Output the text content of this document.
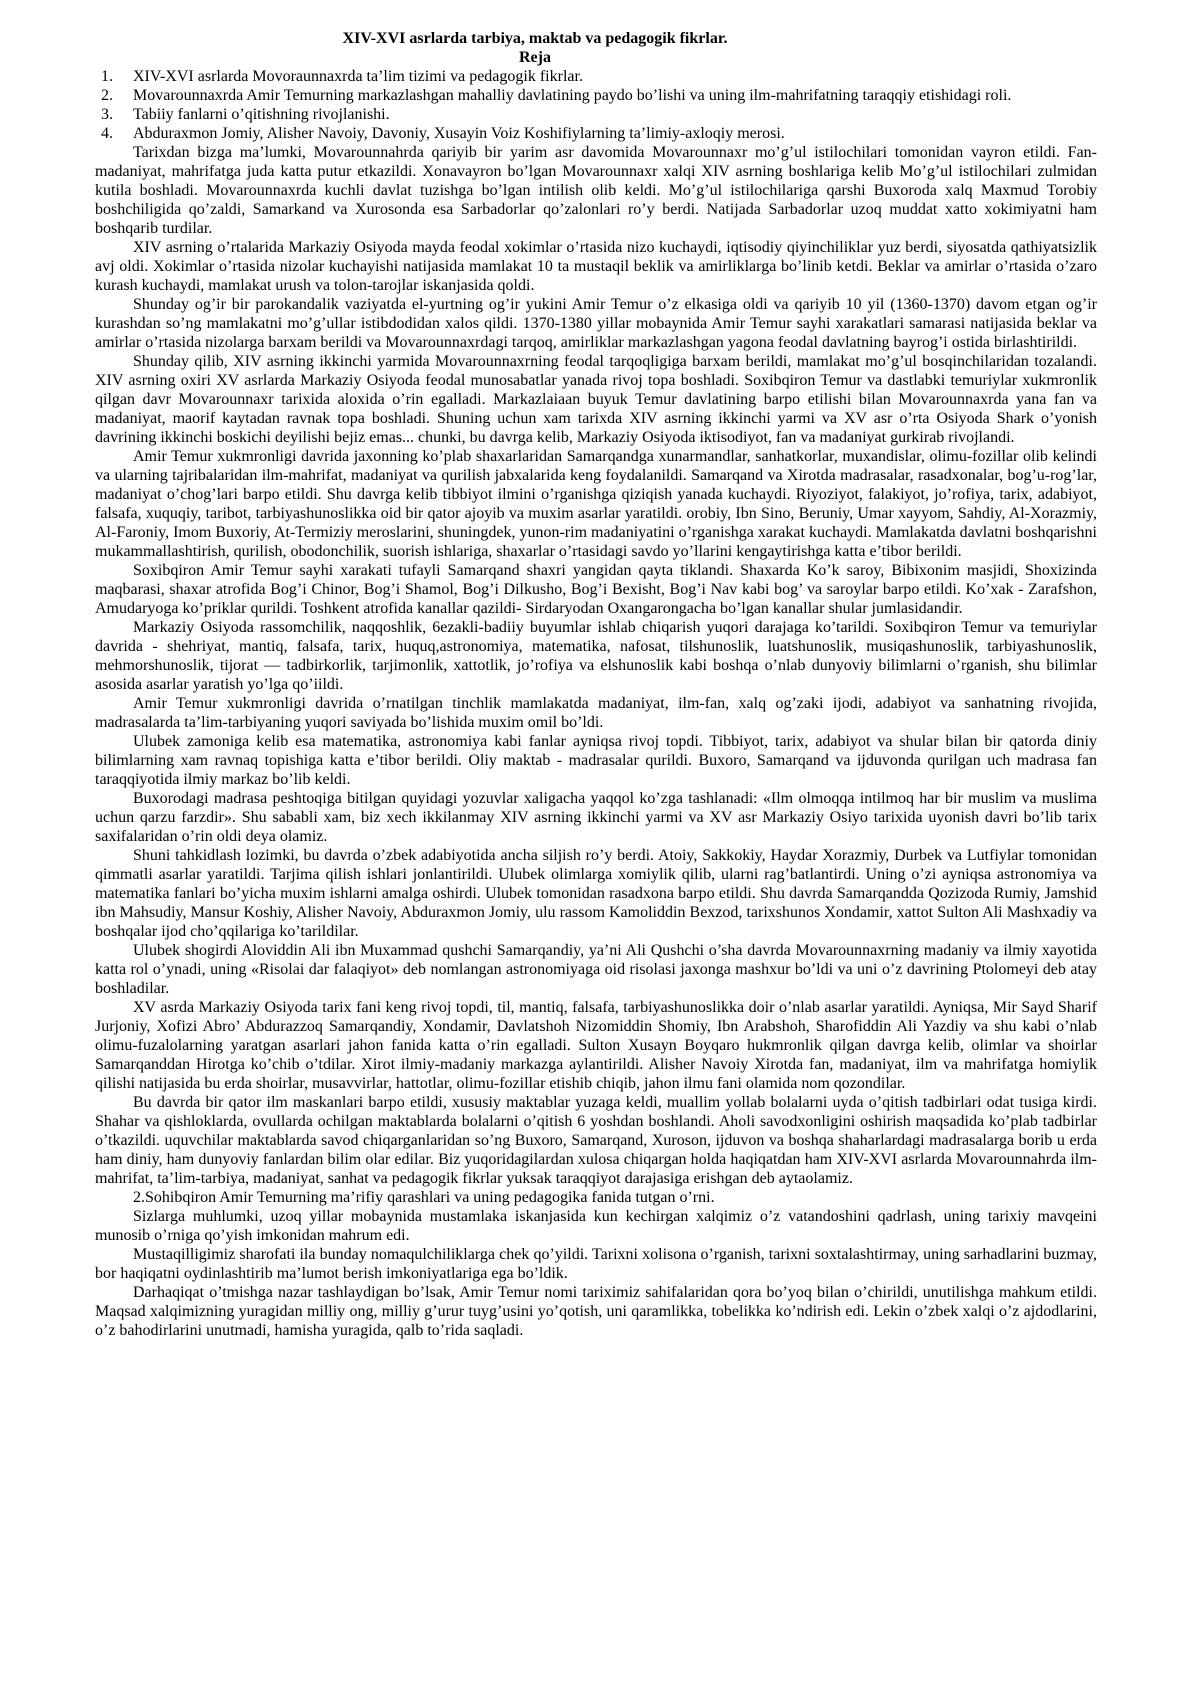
XIV-XVI asrlarda tarbiya, maktab va pedagogik fikrlar.
Reja
1.	XIV-XVI asrlarda Movoraunnaxrda ta’lim tizimi va pedagogik fikrlar.
2.	Movarounnaxrda Amir Temurning markazlashgan mahalliy davlatining paydo bo’lishi va uning ilm-mahrifatning taraqqiy etishidagi roli.
3.	Tabiiy fanlarni o’qitishning rivojlanishi.
4.	Abduraxmon Jomiy, Alisher Navoiy, Davoniy, Xusayin Voiz Koshifiylarning ta’limiy-axloqiy merosi.

Tarixdan bizga ma’lumki, Movarounnahrda qariyib bir yarim asr davomida Movarounnaxr mo’g’ul istilochilari tomonidan vayron etildi. Fan- madaniyat, mahrifatga juda katta putur etkazildi. Xonavayron bo’lgan Movarounnaxr xalqi XIV asrning boshlariga kelib Mo’g’ul istilochilari zulmidan kutila boshladi. Movarounnaxrda kuchli davlat tuzishga bo’lgan intilish olib keldi. Mo’g’ul istilochilariga qarshi Buxoroda xalq Maxmud Torobiy boshchiligida qo’zaldi, Samarkand va Xurosonda esa Sarbadorlar qo’zalonlari ro’y berdi. Natijada Sarbadorlar uzoq muddat xatto xokimiyatni ham boshqarib turdilar.

XIV asrning o’rtalarida Markaziy Osiyoda mayda feodal xokimlar o’rtasida nizo kuchaydi, iqtisodiy qiyinchiliklar yuz berdi, siyosatda qathiyatsizlik avj oldi. Xokimlar o’rtasida nizolar kuchayishi natijasida mamlakat 10 ta mustaqil beklik va amirliklarga bo’linib ketdi. Beklar va amirlar o’rtasida o’zaro kurash kuchaydi, mamlakat urush va tolon-tarojlar iskanjasida qoldi.

Shunday og’ir bir parokandalik vaziyatda el-yurtning og’ir yukini Amir Temur o’z elkasiga oldi va qariyib 10 yil (1360-1370) davom etgan og’ir kurashdan so’ng mamlakatni mo’g’ullar istibdodidan xalos qildi. 1370-1380 yillar mobaynida Amir Temur sayhi xarakatlari samarasi natijasida beklar va amirlar o’rtasida nizolarga barxam berildi va Movarounnaxrdagi tarqoq, amirliklar markazlashgan yagona feodal davlatning bayrog’i ostida birlashtirildi.

Shunday qilib, XIV asrning ikkinchi yarmida Movarounnaxrning feodal tarqoqligiga barxam berildi, mamlakat mo’g’ul bosqinchilaridan tozalandi. XIV asrning oxiri XV asrlarda Markaziy Osiyoda feodal munosabatlar yanada rivoj topa boshladi. Soxibqiron Temur va dastlabki temuriylar xukmronlik qilgan davr Movarounnaxr tarixida aloxida o’rin egalladi. Markazlaiaan buyuk Temur davlatining barpo etilishi bilan Movarounnaxrda yana fan va madaniyat, maorif kaytadan ravnak topa boshladi. Shuning uchun xam tarixda XIV asrning ikkinchi yarmi va XV asr o’rta Osiyoda Shark o’yonish davrining ikkinchi boskichi deyilishi bejiz emas... chunki, bu davrga kelib, Markaziy Osiyoda iktisodiyot, fan va madaniyat gurkirab rivojlandi.

Amir Temur xukmronligi davrida jaxonning ko’plab shaxarlaridan Samarqandga xunarmandlar, sanhatkorlar, muxandislar, olimu-fozillar olib kelindi va ularning tajribalaridan ilm-mahrifat, madaniyat va qurilish jabxalarida keng foydalanildi. Samarqand va Xirotda madrasalar, rasadxonalar, bog’u-rog’lar, madaniyat o’chog’lari barpo etildi. Shu davrga kelib tibbiyot ilmini o’rganishga qiziqish yanada kuchaydi. Riyoziyot, falakiyot, jo’rofiya, tarix, adabiyot, falsafa, xuquqiy, taribot, tarbiyashunoslikka oid bir qator ajoyib va muxim asarlar yaratildi. orobiy, Ibn Sino, Beruniy, Umar xayyom, Sahdiy, Al-Xorazmiy, Al-Faroniy, Imom Buxoriy, At-Termiziy meroslarini, shuningdek, yunon-rim madaniyatini o’rganishga xarakat kuchaydi. Mamlakatda davlatni boshqarishni mukammallashtirish, qurilish, obodonchilik, suorish ishlariga, shaxarlar o’rtasidagi savdo yo’llarini kengaytirishga katta e’tibor berildi.

Soxibqiron Amir Temur sayhi xarakati tufayli Samarqand shaxri yangidan qayta tiklandi. Shaxarda Ko’k saroy, Bibixonim masjidi, Shoxizinda maqbarasi, shaxar atrofida Bog’i Chinor, Bog’i Shamol, Bog’i Dilkusho, Bog’i Bexisht, Bog’i Nav kabi bog’ va saroylar barpo etildi. Ko’xak - Zarafshon, Amudaryoga ko’priklar qurildi. Toshkent atrofida kanallar qazildi- Sirdaryodan Oxangarongacha bo’lgan kanallar shular jumlasidandir.

Markaziy Osiyoda rassomchilik, naqqoshlik, 6ezakli-badiiy buyumlar ishlab chiqarish yuqori darajaga ko’tarildi. Soxibqiron Temur va temuriylar davrida - shehriyat, mantiq, falsafa, tarix, huquq,astronomiya, matematika, nafosat, tilshunoslik, luatshunoslik, musiqashunoslik, tarbiyashunoslik, mehmorshunoslik, tijorat — tadbirkorlik, tarjimonlik, xattotlik, jo’rofiya va elshunoslik kabi boshqa o’nlab dunyoviy bilimlarni o’rganish, shu bilimlar asosida asarlar yaratish yo’lga qo’iildi.

Amir Temur xukmronligi davrida o’rnatilgan tinchlik mamlakatda madaniyat, ilm-fan, xalq og’zaki ijodi, adabiyot va sanhatning rivojida, madrasalarda ta’lim-tarbiyaning yuqori saviyada bo’lishida muxim omil bo’ldi.

Ulubek zamoniga kelib esa matematika, astronomiya kabi fanlar ayniqsa rivoj topdi. Tibbiyot, tarix, adabiyot va shular bilan bir qatorda diniy bilimlarning xam ravnaq topishiga katta e’tibor berildi. Oliy maktab - madrasalar qurildi. Buxoro, Samarqand va ijduvonda qurilgan uch madrasa fan taraqqiyotida ilmiy markaz bo’lib keldi.

Buxorodagi madrasa peshtoqiga bitilgan quyidagi yozuvlar xaligacha yaqqol ko’zga tashlanadi: «Ilm olmoqqa intilmoq har bir muslim va muslima uchun qarzu farzdir». Shu sababli xam, biz xech ikkilanmay XIV asrning ikkinchi yarmi va XV asr Markaziy Osiyo tarixida uyonish davri bo’lib tarix saxifalaridan o’rin oldi deya olamiz.

Shuni tahkidlash lozimki, bu davrda o’zbek adabiyotida ancha siljish ro’y berdi. Atoiy, Sakkokiy, Haydar Xorazmiy, Durbek va Lutfiylar tomonidan qimmatli asarlar yaratildi. Tarjima qilish ishlari jonlantirildi. Ulubek olimlarga xomiylik qilib, ularni rag’batlantirdi. Uning o’zi ayniqsa astronomiya va matematika fanlari bo’yicha muxim ishlarni amalga oshirdi. Ulubek tomonidan rasadxona barpo etildi. Shu davrda Samarqandda Qozizoda Rumiy, Jamshid ibn Mahsudiy, Mansur Koshiy, Alisher Navoiy, Abduraxmon Jomiy, ulu rassom Kamoliddin Bexzod, tarixshunos Xondamir, xattot Sulton Ali Mashxadiy va boshqalar ijod cho’qqilariga ko’tarildilar.

Ulubek shogirdi Aloviddin Ali ibn Muxammad qushchi Samarqandiy, ya’ni Ali Qushchi o’sha davrda Movarounnaxrning madaniy va ilmiy xayotida katta rol o’ynadi, uning «Risolai dar falaqiyot» deb nomlangan astronomiyaga oid risolasi jaxonga mashxur bo’ldi va uni o’z davrining Ptolomeyi deb atay boshladilar.

XV asrda Markaziy Osiyoda tarix fani keng rivoj topdi, til, mantiq, falsafa, tarbiyashunoslikka doir o’nlab asarlar yaratildi. Ayniqsa, Mir Sayd Sharif Jurjoniy, Xofizi Abro’ Abdurazzoq Samarqandiy, Xondamir, Davlatshoh Nizomiddin Shomiy, Ibn Arabshoh, Sharofiddin Ali Yazdiy va shu kabi o’nlab olimu-fuzalolarning yaratgan asarlari jahon fanida katta o’rin egalladi. Sulton Xusayn Boyqaro hukmronlik qilgan davrga kelib, olimlar va shoirlar Samarqanddan Hirotga ko’chib o’tdilar. Xirot ilmiy-madaniy markazga aylantirildi. Alisher Navoiy Xirotda fan, madaniyat, ilm va mahrifatga homiylik qilishi natijasida bu erda shoirlar, musavvirlar, hattotlar, olimu-fozillar etishib chiqib, jahon ilmu fani olamida nom qozondilar.

Bu davrda bir qator ilm maskanlari barpo etildi, xususiy maktablar yuzaga keldi, muallim yollab bolalarni uyda o’qitish tadbirlari odat tusiga kirdi. Shahar va qishloklarda, ovullarda ochilgan maktablarda bolalarni o’qitish 6 yoshdan boshlandi. Aholi savodxonligini oshirish maqsadida ko’plab tadbirlar o’tkazildi. uquvchilar maktablarda savod chiqarganlaridan so’ng Buxoro, Samarqand, Xuroson, ijduvon va boshqa shaharlardagi madrasalarga borib u erda ham diniy, ham dunyoviy fanlardan bilim olar edilar. Biz yuqoridagilardan xulosa chiqargan holda haqiqatdan ham XIV-XVI asrlarda Movarounnahrda ilm-mahrifat, ta’lim-tarbiya, madaniyat, sanhat va pedagogik fikrlar yuksak taraqqiyot darajasiga erishgan deb aytaolamiz.

2.Sohibqiron Amir Temurning ma’rifiy qarashlari va uning pedagogika fanida tutgan o’rni.

Sizlarga muhlumki, uzoq yillar mobaynida mustamlaka iskanjasida kun kechirgan xalqimiz o’z vatandoshini qadrlash, uning tarixiy mavqeini munosib o’rniga qo’yish imkonidan mahrum edi.

Mustaqilligimiz sharofati ila bunday nomaqulchiliklarga chek qo’yildi. Tarixni xolisona o’rganish, tarixni soxtalashtirmay, uning sarhadlarini buzmay, bor haqiqatni oydinlashtirib ma’lumot berish imkoniyatlariga ega bo’ldik.

Darhaqiqat o’tmishga nazar tashlaydigan bo’lsak, Amir Temur nomi tariximiz sahifalaridan qora bo’yoq bilan o’chirildi, unutilishga mahkum etildi. Maqsad xalqimizning yuragidan milliy ong, milliy g’urur tuyg’usini yo’qotish, uni qaramlikka, tobelikka ko’ndirish edi. Lekin o’zbek xalqi o’z ajdodlarini, o’z bahodirlarini unutmadi, hamisha yuragida, qalb to’rida saqladi.
